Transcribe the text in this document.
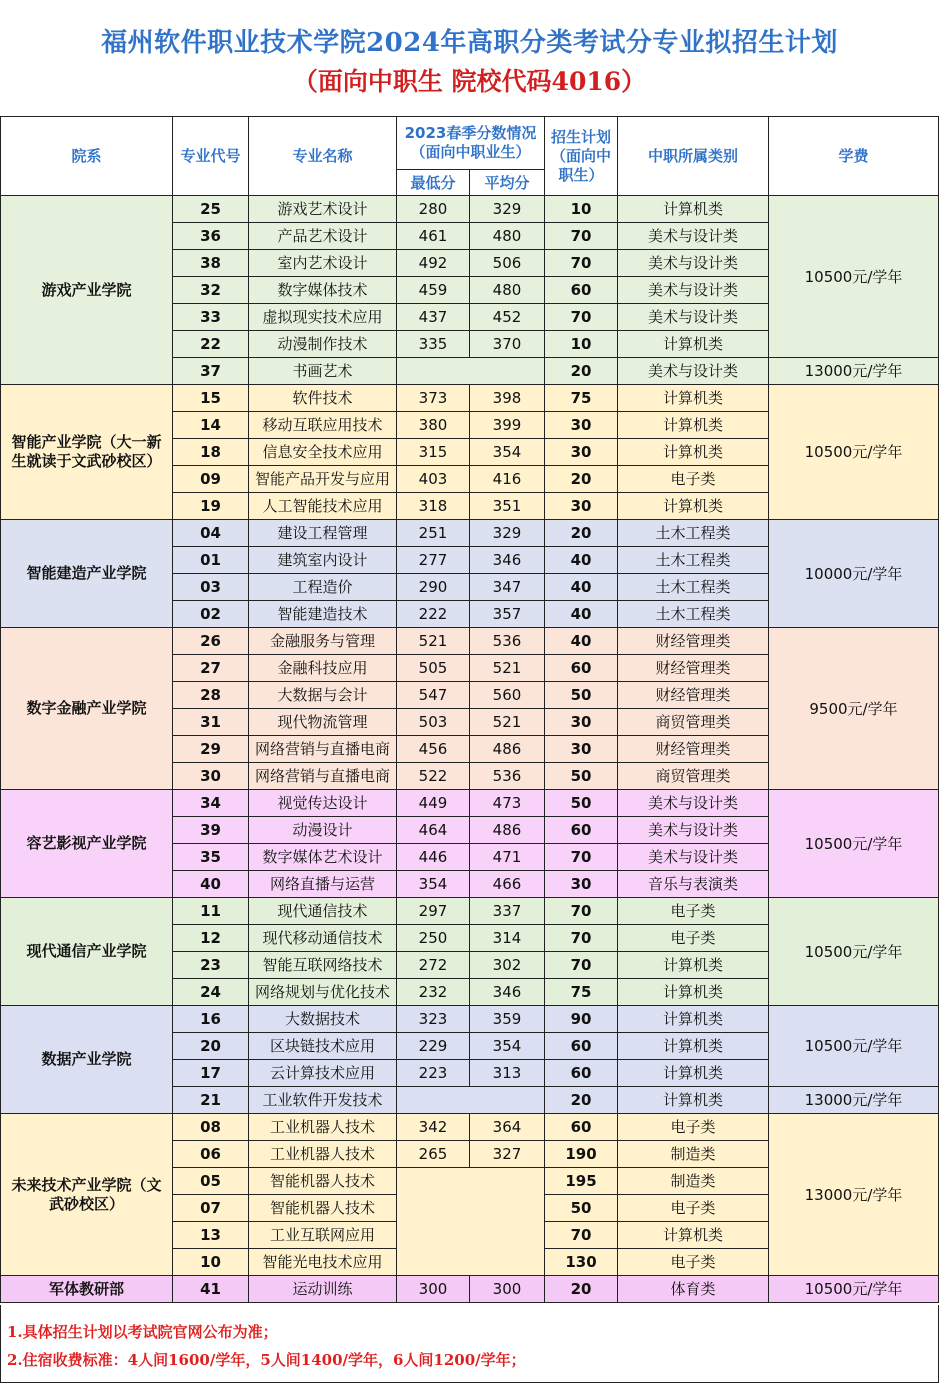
福州软件职业技术学院2024年高职分类考试分专业拟招生计划
（面向中职生 院校代码4016）
院系	专业代号	专业名称	2023春季分数情况（面向中职业生）		招生计划（面向中职生）	中职所属类别	学费
			最低分	平均分			
游戏产业学院	25	游戏艺术设计	280	329	10	计算机类	10500元/学年
	36	产品艺术设计	461	480	70	美术与设计类	
	38	室内艺术设计	492	506	70	美术与设计类	
	32	数字媒体技术	459	480	60	美术与设计类	
	33	虚拟现实技术应用	437	452	70	美术与设计类	
	22	动漫制作技术	335	370	10	计算机类	
	37	书画艺术			20	美术与设计类	13000元/学年
智能产业学院（大一新生就读于文武砂校区）	15	软件技术	373	398	75	计算机类	10500元/学年
	14	移动互联应用技术	380	399	30	计算机类	
	18	信息安全技术应用	315	354	30	计算机类	
	09	智能产品开发与应用	403	416	20	电子类	
	19	人工智能技术应用	318	351	30	计算机类	
智能建造产业学院	04	建设工程管理	251	329	20	土木工程类	10000元/学年
	01	建筑室内设计	277	346	40	土木工程类	
	03	工程造价	290	347	40	土木工程类	
	02	智能建造技术	222	357	40	土木工程类	
数字金融产业学院	26	金融服务与管理	521	536	40	财经管理类	9500元/学年
	27	金融科技应用	505	521	60	财经管理类	
	28	大数据与会计	547	560	50	财经管理类	
	31	现代物流管理	503	521	30	商贸管理类	
	29	网络营销与直播电商	456	486	30	财经管理类	
	30	网络营销与直播电商	522	536	50	商贸管理类	
容艺影视产业学院	34	视觉传达设计	449	473	50	美术与设计类	10500元/学年
	39	动漫设计	464	486	60	美术与设计类	
	35	数字媒体艺术设计	446	471	70	美术与设计类	
	40	网络直播与运营	354	466	30	音乐与表演类	
现代通信产业学院	11	现代通信技术	297	337	70	电子类	10500元/学年
	12	现代移动通信技术	250	314	70	电子类	
	23	智能互联网络技术	272	302	70	计算机类	
	24	网络规划与优化技术	232	346	75	计算机类	
数据产业学院	16	大数据技术	323	359	90	计算机类	10500元/学年
	20	区块链技术应用	229	354	60	计算机类	
	17	云计算技术应用	223	313	60	计算机类	
	21	工业软件开发技术			20	计算机类	13000元/学年
未来技术产业学院（文武砂校区）	08	工业机器人技术	342	364	60	电子类	13000元/学年
	06	工业机器人技术	265	327	190	制造类	
	05	智能机器人技术			195	制造类	
	07	智能机器人技术			50	电子类	
	13	工业互联网应用			70	计算机类	
	10	智能光电技术应用			130	电子类	
军体教研部	41	运动训练	300	300	20	体育类	10500元/学年
1.具体招生计划以考试院官网公布为准；
2.住宿收费标准：4人间1600/学年，5人间1400/学年，6人间1200/学年；
